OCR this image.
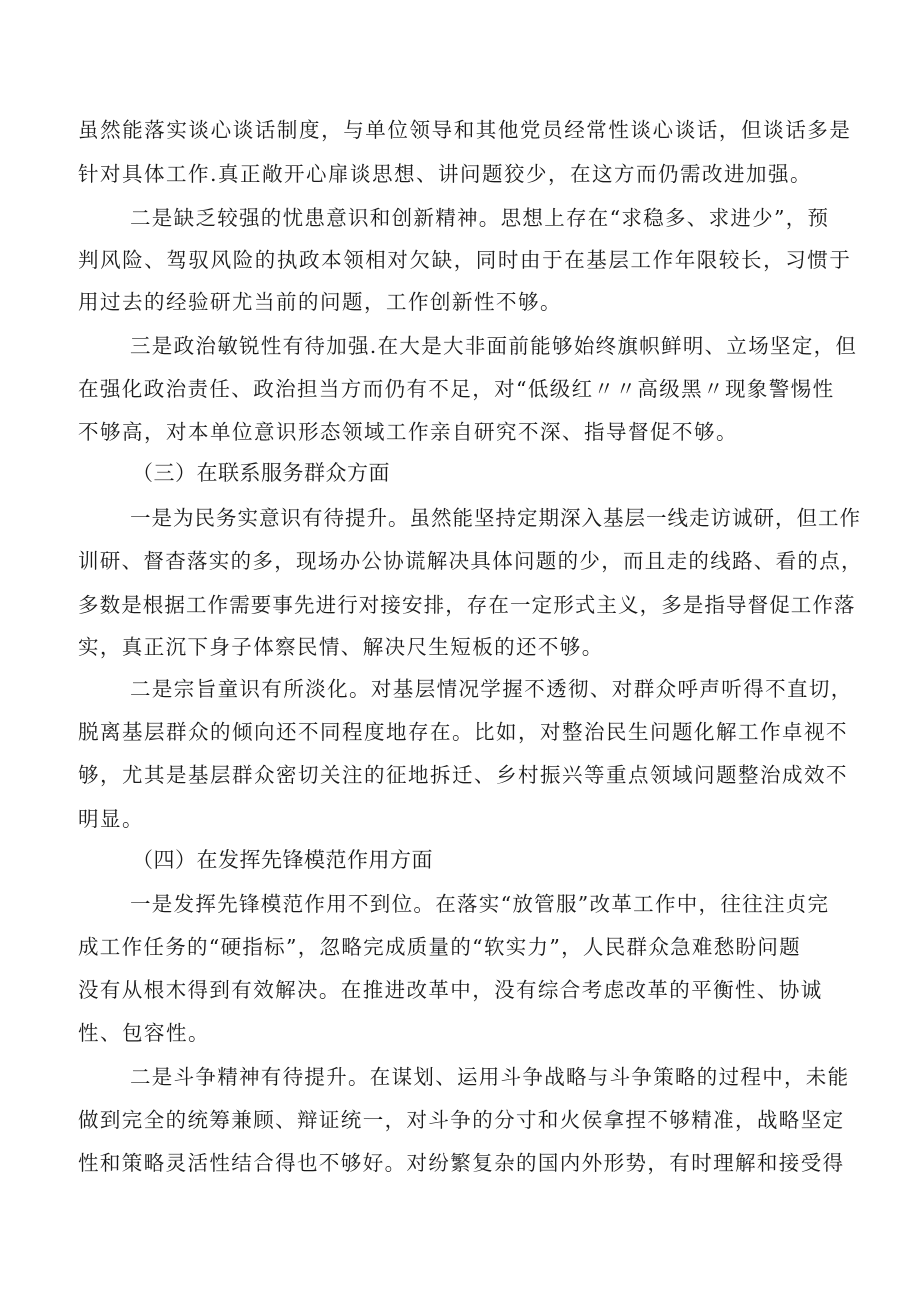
虽然能落实谈心谈话制度，与单位领导和其他党员经常性谈心谈话，但谈话多是
针对具体工作.真正敞开心扉谈思想、讲问题狡少，在这方而仍需改进加强。
二是缺乏较强的忧患意识和创新精神。思想上存在“求稳多、求进少”，预
判风险、驾驭风险的执政本领相对欠缺，同时由于在基层工作年限较长，习惯于
用过去的经验研尤当前的问题，工作创新性不够。
三是政治敏锐性有待加强.在大是大非面前能够始终旗帜鲜明、立场坚定，但
在强化政治责任、政治担当方而仍有不足，对“低级红〃〃高级黑〃现象警惕性
不够高，对本单位意识形态领域工作亲自研究不深、指导督促不够。
（三）在联系服务群众方面
一是为民务实意识有待提升。虽然能坚持定期深入基层一线走访诚研，但工作
训研、督杳落实的多，现场办公协谎解决具体问题的少，而且走的线路、看的点，
多数是根据工作需要事先进行对接安排，存在一定形式主义，多是指导督促工作落
实，真正沉下身子体察民情、解决尺生短板的还不够。
二是宗旨童识有所淡化。对基层情况学握不透彻、对群众呼声听得不直切，
脱离基层群众的倾向还不同程度地存在。比如，对整治民生问题化解工作卓视不
够，尤其是基层群众密切关注的征地拆迁、乡村振兴等重点领域问题整治成效不
明显。
（四）在发挥先锋模范作用方面
一是发挥先锋模范作用不到位。在落实“放管服”改革工作中，往往注贞完
成工作任务的“硬指标”，忽略完成质量的“软实力”，人民群众急难愁盼问题
没有从根木得到有效解决。在推进改革中，没有综合考虑改革的平衡性、协诚
性、包容性。
二是斗争精神有待提升。在谋划、运用斗争战略与斗争策略的过程中，未能
做到完全的统筹兼顾、辩证统一，对斗争的分寸和火侯拿捏不够精准，战略坚定
性和策略灵活性结合得也不够好。对纷繁复杂的国内外形势，有时理解和接受得
